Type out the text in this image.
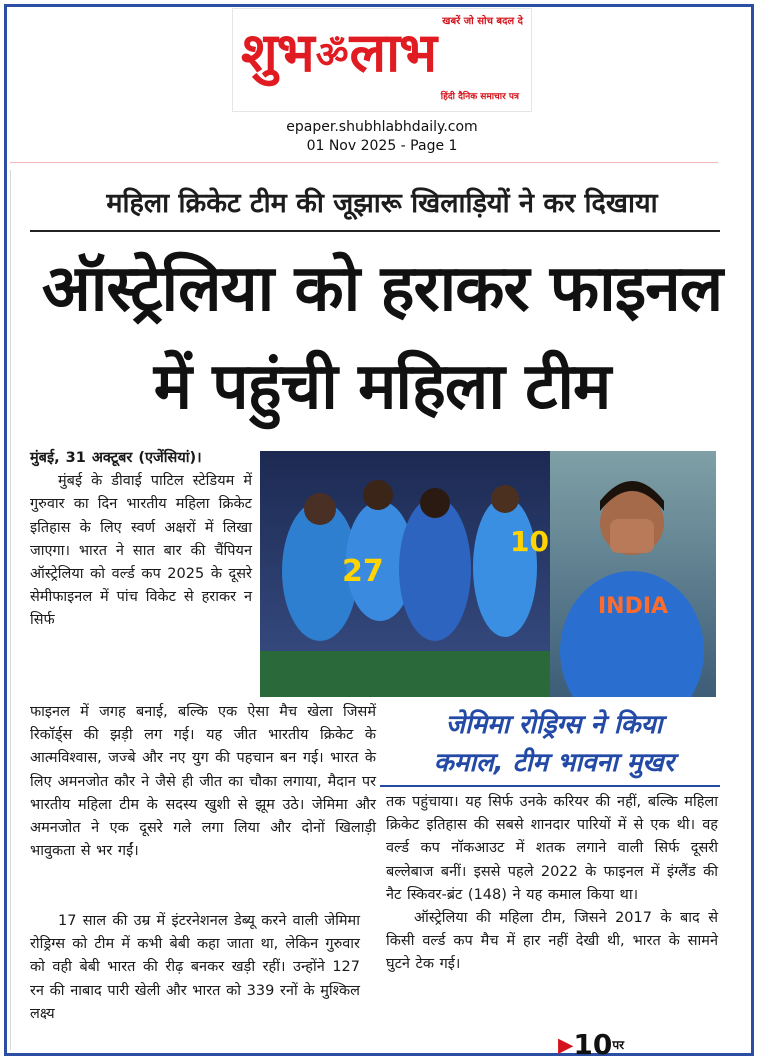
खबरें जो सोच बदल दे
शुभॐलाभ
हिंदी दैनिक समाचार पत्र
epaper.shubhlabhdaily.com
01 Nov 2025 - Page 1
महिला क्रिकेट टीम की जूझारू खिलाड़ियों ने कर दिखाया
ऑस्ट्रेलिया को हराकर फाइनल
में पहुंची महिला टीम

मुंबई, 31 अक्टूबर (एजेंसियां)।

मुंबई के डीवाई पाटिल स्टेडियम में गुरुवार का दिन भारतीय महिला क्रिकेट इतिहास के लिए स्वर्ण अक्षरों में लिखा जाएगा। भारत ने सात बार की चैंपियन ऑस्ट्रेलिया को वर्ल्ड कप 2025 के दूसरे सेमीफाइनल में पांच विकेट से हराकर न सिर्फ

27
10
INDIA

फाइनल में जगह बनाई, बल्कि एक ऐसा मैच खेला जिसमें रिकॉर्ड्स की झड़ी लग गई। यह जीत भारतीय क्रिकेट के आत्मविश्वास, जज्बे और नए युग की पहचान बन गई। भारत के लिए अमनजोत कौर ने जैसे ही जीत का चौका लगाया, मैदान पर भारतीय महिला टीम के सदस्य खुशी से झूम उठे। जेमिमा और अमनजोत ने एक दूसरे गले लगा लिया और दोनों खिलाड़ी भावुकता से भर गईं।

17 साल की उम्र में इंटरनेशनल डेब्यू करने वाली जेमिमा रोड्रिग्स को टीम में कभी बेबी कहा जाता था, लेकिन गुरुवार को वही बेबी भारत की रीढ़ बनकर खड़ी रहीं। उन्होंने 127 रन की नाबाद पारी खेली और भारत को 339 रनों के मुश्किल लक्ष्य

जेमिमा रोड्रिग्स ने किया
कमाल, टीम भावना मुखर

तक पहुंचाया। यह सिर्फ उनके करियर की नहीं, बल्कि महिला क्रिकेट इतिहास की सबसे शानदार पारियों में से एक थी। वह वर्ल्ड कप नॉकआउट में शतक लगाने वाली सिर्फ दूसरी बल्लेबाज बनीं। इससे पहले 2022 के फाइनल में इंग्लैंड की नैट स्किवर-ब्रंट (148) ने यह कमाल किया था।

ऑस्ट्रेलिया की महिला टीम, जिसने 2017 के बाद से किसी वर्ल्ड कप मैच में हार नहीं देखी थी, भारत के सामने घुटने टेक गई।

▶10पर
